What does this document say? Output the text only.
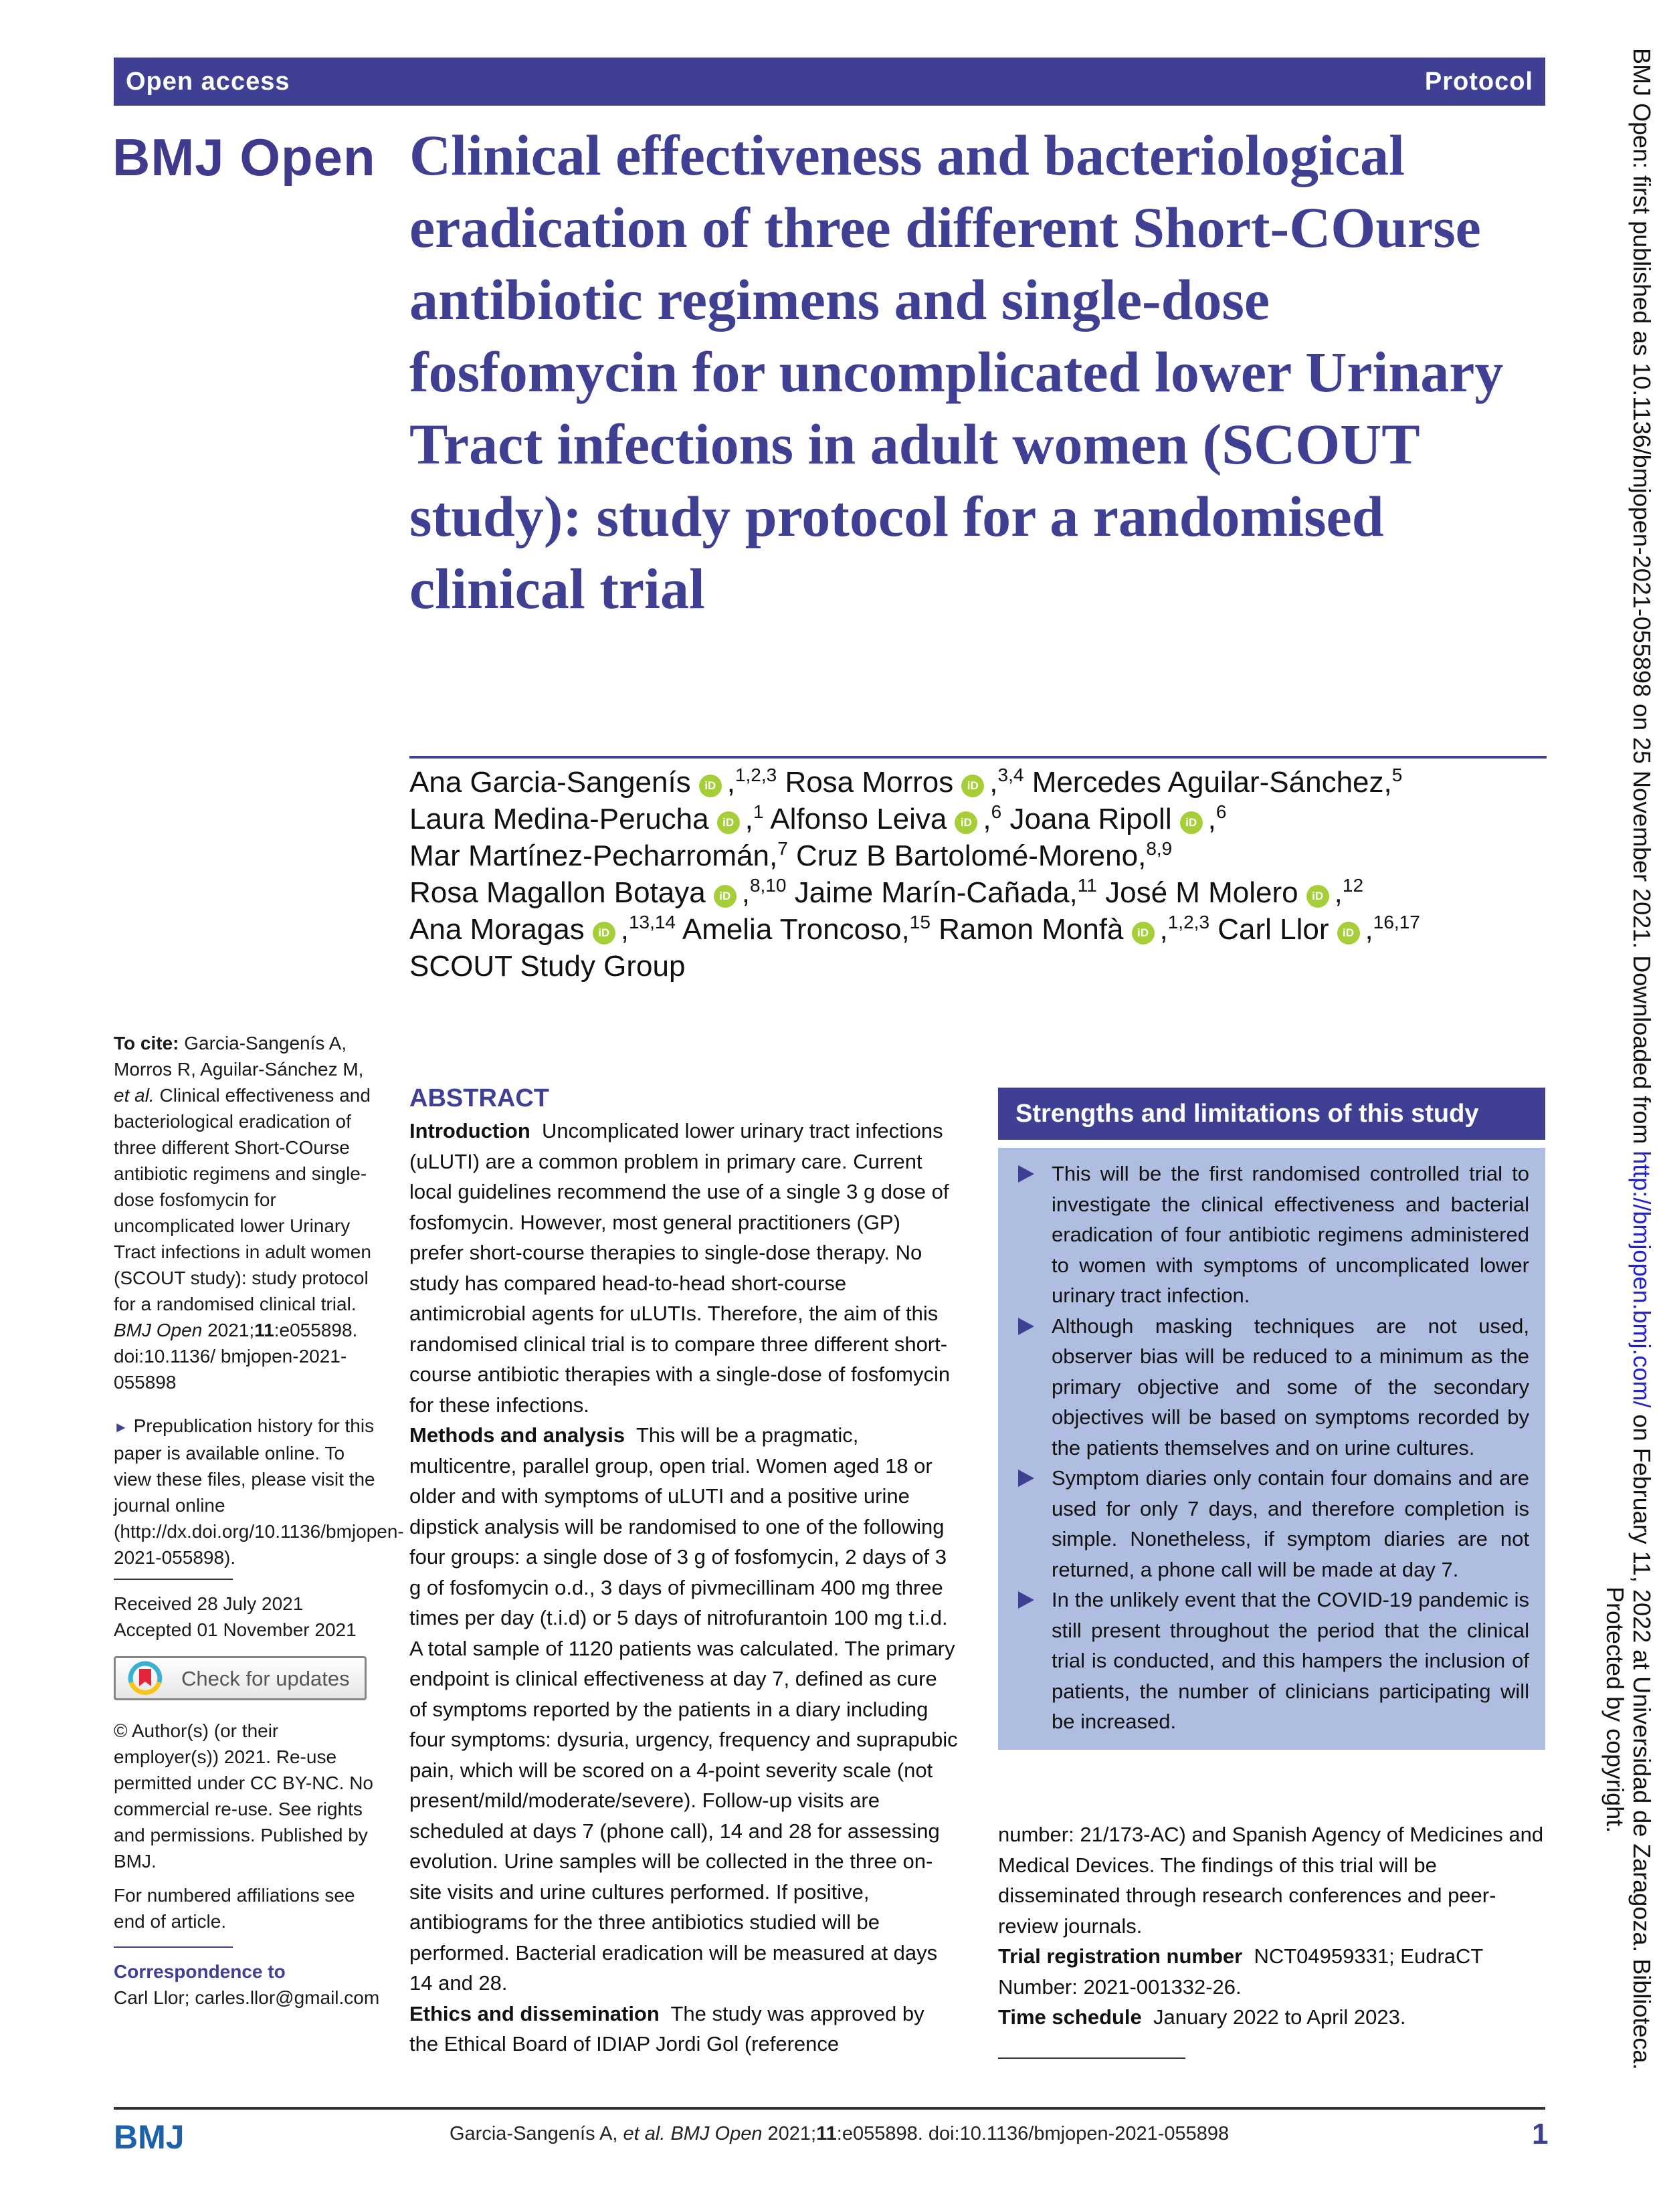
Open access	Protocol
BMJ Open Clinical effectiveness and bacteriological eradication of three different Short-COurse antibiotic regimens and single-dose fosfomycin for uncomplicated lower Urinary Tract infections in adult women (SCOUT study): study protocol for a randomised clinical trial
Ana Garcia-Sangenís iD ,$^{1,2,3}$ Rosa Morros iD ,$^{3,4}$ Mercedes Aguilar-Sánchez,$^5$
Laura Medina-Perucha iD ,$^1$ Alfonso Leiva iD ,$^6$ Joana Ripoll iD ,$^6$
Mar Martínez-Pecharromán,$^7$ Cruz B Bartolomé-Moreno,$^{8,9}$
Rosa Magallon Botaya iD ,$^{8,10}$ Jaime Marín-Cañada,$^{11}$ José M Molero iD ,$^{12}$
Ana Moragas iD ,$^{13,14}$ Amelia Troncoso,$^{15}$ Ramon Monfà iD ,$^{1,2,3}$ Carl Llor iD ,$^{16,17}$
SCOUT Study Group

To cite: Garcia-Sangenís A, Morros R, Aguilar-Sánchez M, et al. Clinical effectiveness and bacteriological eradication of three different Short-COurse antibiotic regimens and single-dose fosfomycin for uncomplicated lower Urinary Tract infections in adult women (SCOUT study): study protocol for a randomised clinical trial. BMJ Open 2021;11:e055898. doi:10.1136/ bmjopen-2021-055898

► Prepublication history for this paper is available online. To view these files, please visit the journal online (http://dx.doi.org/10.1136/bmjopen-2021-055898).

Received 28 July 2021
Accepted 01 November 2021
Check for updates

© Author(s) (or their employer(s)) 2021. Re-use permitted under CC BY-NC. No commercial re-use. See rights and permissions. Published by BMJ.

For numbered affiliations see end of article.

Correspondence to
Carl Llor; carles.llor@gmail.com
ABSTRACT
Introduction Uncomplicated lower urinary tract infections (uLUTI) are a common problem in primary care. Current local guidelines recommend the use of a single 3 g dose of fosfomycin. However, most general practitioners (GP) prefer short-course therapies to single-dose therapy. No study has compared head-to-head short-course antimicrobial agents for uLUTIs. Therefore, the aim of this randomised clinical trial is to compare three different short-course antibiotic therapies with a single-dose of fosfomycin for these infections.
Methods and analysis This will be a pragmatic, multicentre, parallel group, open trial. Women aged 18 or older and with symptoms of uLUTI and a positive urine dipstick analysis will be randomised to one of the following four groups: a single dose of 3 g of fosfomycin, 2 days of 3 g of fosfomycin o.d., 3 days of pivmecillinam 400 mg three times per day (t.i.d) or 5 days of nitrofurantoin 100 mg t.i.d. A total sample of 1120 patients was calculated. The primary endpoint is clinical effectiveness at day 7, defined as cure of symptoms reported by the patients in a diary including four symptoms: dysuria, urgency, frequency and suprapubic pain, which will be scored on a 4-point severity scale (not present/mild/moderate/severe). Follow-up visits are scheduled at days 7 (phone call), 14 and 28 for assessing evolution. Urine samples will be collected in the three on-site visits and urine cultures performed. If positive, antibiograms for the three antibiotics studied will be performed. Bacterial eradication will be measured at days 14 and 28.
Ethics and dissemination The study was approved by the Ethical Board of IDIAP Jordi Gol (reference
Strengths and limitations of this study
This will be the first randomised controlled trial to investigate the clinical effectiveness and bacterial eradication of four antibiotic regimens administered to women with symptoms of uncomplicated lower urinary tract infection.
Although masking techniques are not used, observer bias will be reduced to a minimum as the primary objective and some of the secondary objectives will be based on symptoms recorded by the patients themselves and on urine cultures.
Symptom diaries only contain four domains and are used for only 7 days, and therefore completion is simple. Nonetheless, if symptom diaries are not returned, a phone call will be made at day 7.
In the unlikely event that the COVID-19 pandemic is still present throughout the period that the clinical trial is conducted, and this hampers the inclusion of patients, the number of clinicians participating will be increased.
number: 21/173-AC) and Spanish Agency of Medicines and Medical Devices. The findings of this trial will be disseminated through research conferences and peer-review journals.
Trial registration number NCT04959331; EudraCT Number: 2021-001332-26.
Time schedule January 2022 to April 2023.
BMJ	Garcia-Sangenís A, et al. BMJ Open 2021;11:e055898. doi:10.1136/bmjopen-2021-055898	1
BMJ Open: first published as 10.1136/bmjopen-2021-055898 on 25 November 2021. Downloaded from http://bmjopen.bmj.com/ on February 11, 2022 at Universidad de Zaragoza. Biblioteca.
Protected by copyright.
